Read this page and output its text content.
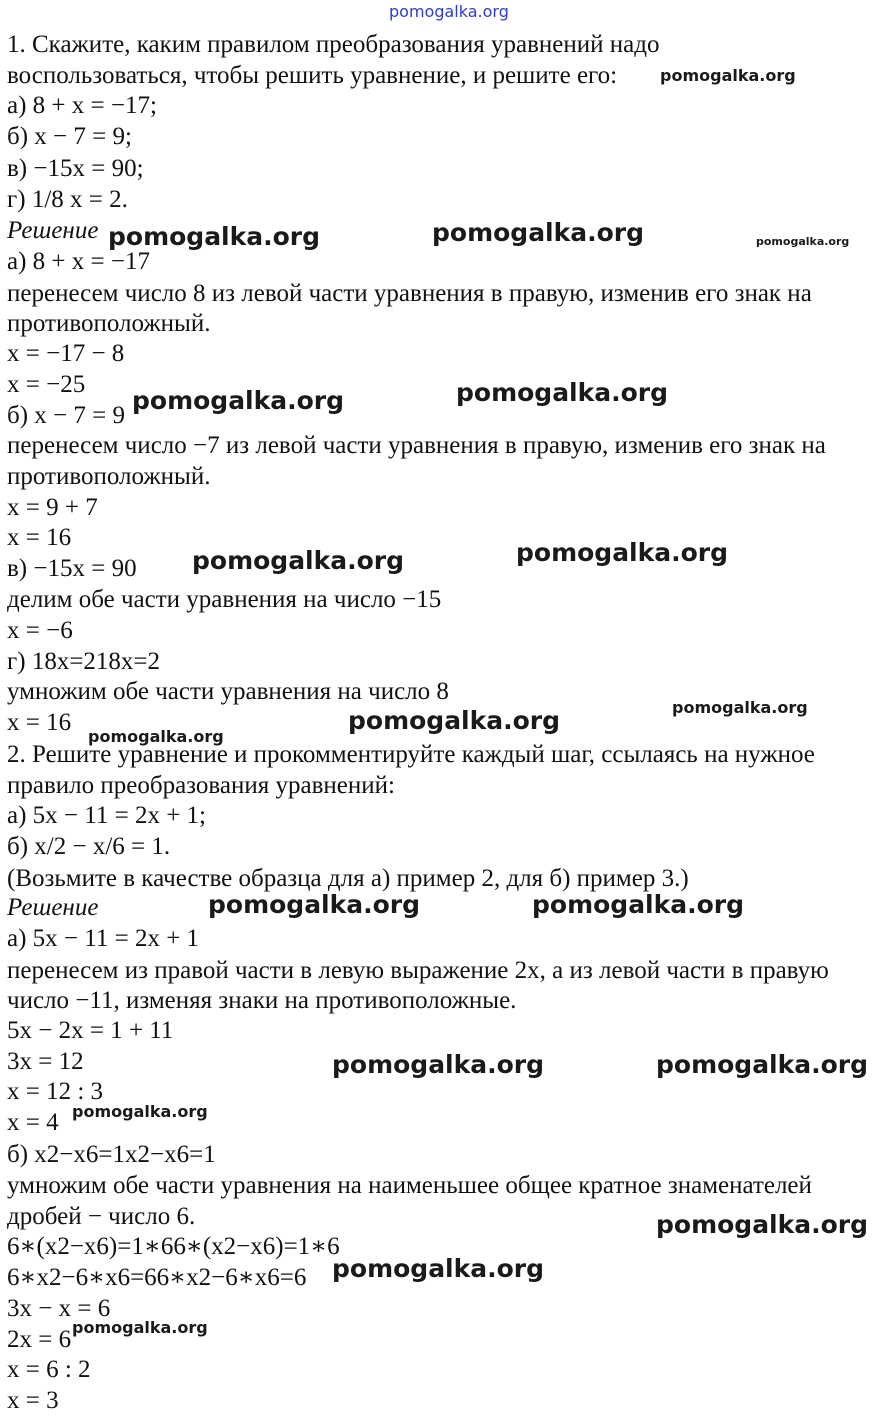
pomogalka.org

1. Скажите, каким правилом преобразования уравнений надо

воспользоваться, чтобы решить уравнение, и решите его:

а) 8 + x = −17;

б) x − 7 = 9;

в) −15x = 90;

г) 1/8 x = 2.

Решение

а) 8 + x = −17

перенесем число 8 из левой части уравнения в правую, изменив его знак на

противоположный.

x = −17 − 8

x = −25

б) x − 7 = 9

перенесем число −7 из левой части уравнения в правую, изменив его знак на

противоположный.

x = 9 + 7

x = 16

в) −15x = 90

делим обе части уравнения на число −15

x = −6

г) 18x=218x=2

умножим обе части уравнения на число 8

x = 16

2. Решите уравнение и прокомментируйте каждый шаг, ссылаясь на нужное

правило преобразования уравнений:

а) 5x − 11 = 2x + 1;

б) x/2 − x/6 = 1.

(Возьмите в качестве образца для а) пример 2, для б) пример 3.)

Решение

а) 5x − 11 = 2x + 1

перенесем из правой части в левую выражение 2x, а из левой части в правую

число −11, изменяя знаки на противоположные.

5x − 2x = 1 + 11

3x = 12

x = 12 : 3

x = 4

б) x2−x6=1x2−x6=1

умножим обе части уравнения на наименьшее общее кратное знаменателей

дробей − число 6.

6∗(x2−x6)=1∗66∗(x2−x6)=1∗6

6∗x2−6∗x6=66∗x2−6∗x6=6

3x − x = 6

2x = 6

x = 6 : 2

x = 3

pomogalka.org
pomogalka.org	pomogalka.org	pomogalka.org
pomogalka.org	pomogalka.org
pomogalka.org	pomogalka.org
pomogalka.org	pomogalka.org
pomogalka.org
pomogalka.org	pomogalka.org
pomogalka.org	pomogalka.org
pomogalka.org
pomogalka.org
pomogalka.org
pomogalka.org
